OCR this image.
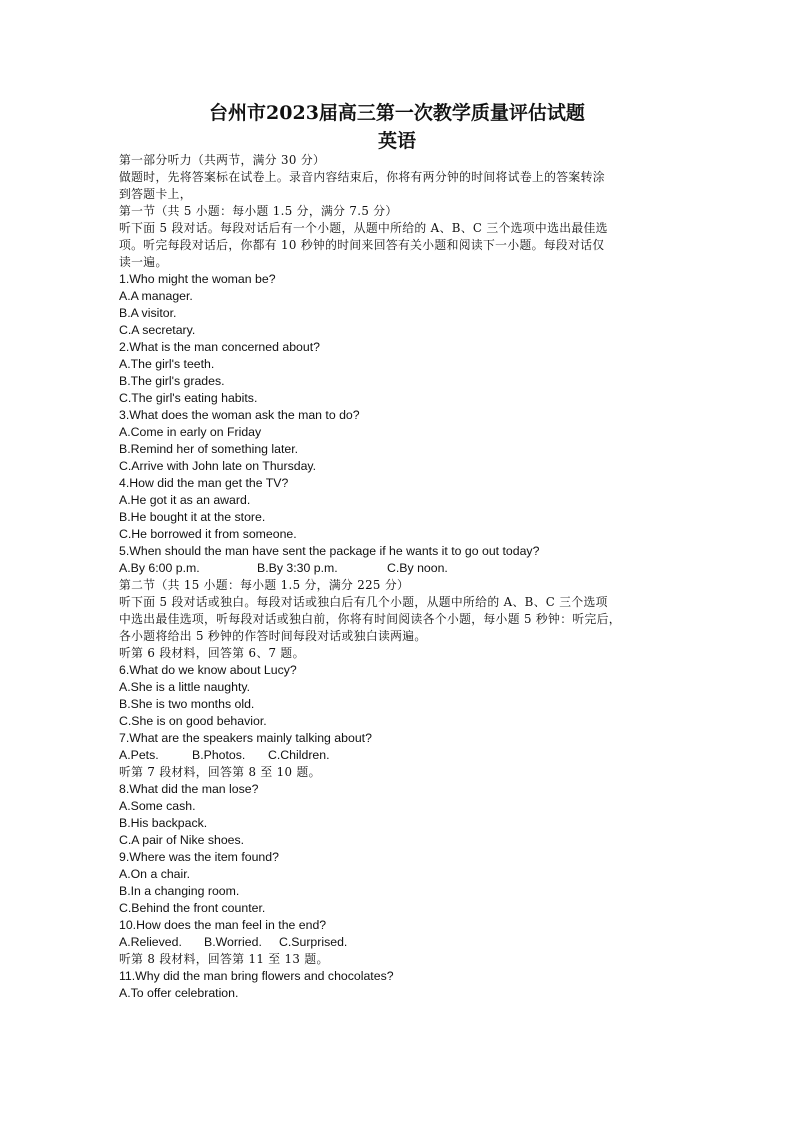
台州市2023届高三第一次教学质量评估试题
英语
第一部分听力（共两节，满分 30 分）
做题时，先将答案标在试卷上。录音内容结束后，你将有两分钟的时间将试卷上的答案转涂
到答题卡上，
第一节（共 5 小题：每小题 1.5 分，满分 7.5 分）
听下面 5 段对话。每段对话后有一个小题，从题中所给的 A、B、C 三个选项中选出最佳选
项。听完每段对话后，你都有 10 秒钟的时间来回答有关小题和阅读下一小题。每段对话仅
读一遍。
1.Who might the woman be?
A.A manager.
B.A visitor.
C.A secretary.
2.What is the man concerned about?
A.The girl's teeth.
B.The girl's grades.
C.The girl's eating habits.
3.What does the woman ask the man to do?
A.Come in early on Friday
B.Remind her of something later.
C.Arrive with John late on Thursday.
4.How did the man get the TV?
A.He got it as an award.
B.He bought it at the store.
C.He borrowed it from someone.
5.When should the man have sent the package if he wants it to go out today?
A.By 6:00 p.m.	B.By 3:30 p.m.	C.By noon.
第二节（共 15 小题：每小题 1.5 分，满分 225 分）
听下面 5 段对话或独白。每段对话或独白后有几个小题，从题中所给的 A、B、C 三个选项
中选出最佳选项，听每段对话或独白前，你将有时间阅读各个小题，每小题 5 秒钟：听完后，
各小题将给出 5 秒钟的作答时间每段对话或独白读两遍。
听第 6 段材料，回答第 6、7 题。
6.What do we know about Lucy?
A.She is a little naughty.
B.She is two months old.
C.She is on good behavior.
7.What are the speakers mainly talking about?
A.Pets.	B.Photos. C.Children.
听第 7 段材料，回答第 8 至 10 题。
8.What did the man lose?
A.Some cash.
B.His backpack.
C.A pair of Nike shoes.
9.Where was the item found?
A.On a chair.
B.In a changing room.
C.Behind the front counter.
10.How does the man feel in the end?
A.Relieved. B.Worried. C.Surprised.
听第 8 段材料，回答第 11 至 13 题。
11.Why did the man bring flowers and chocolates?
A.To offer celebration.
